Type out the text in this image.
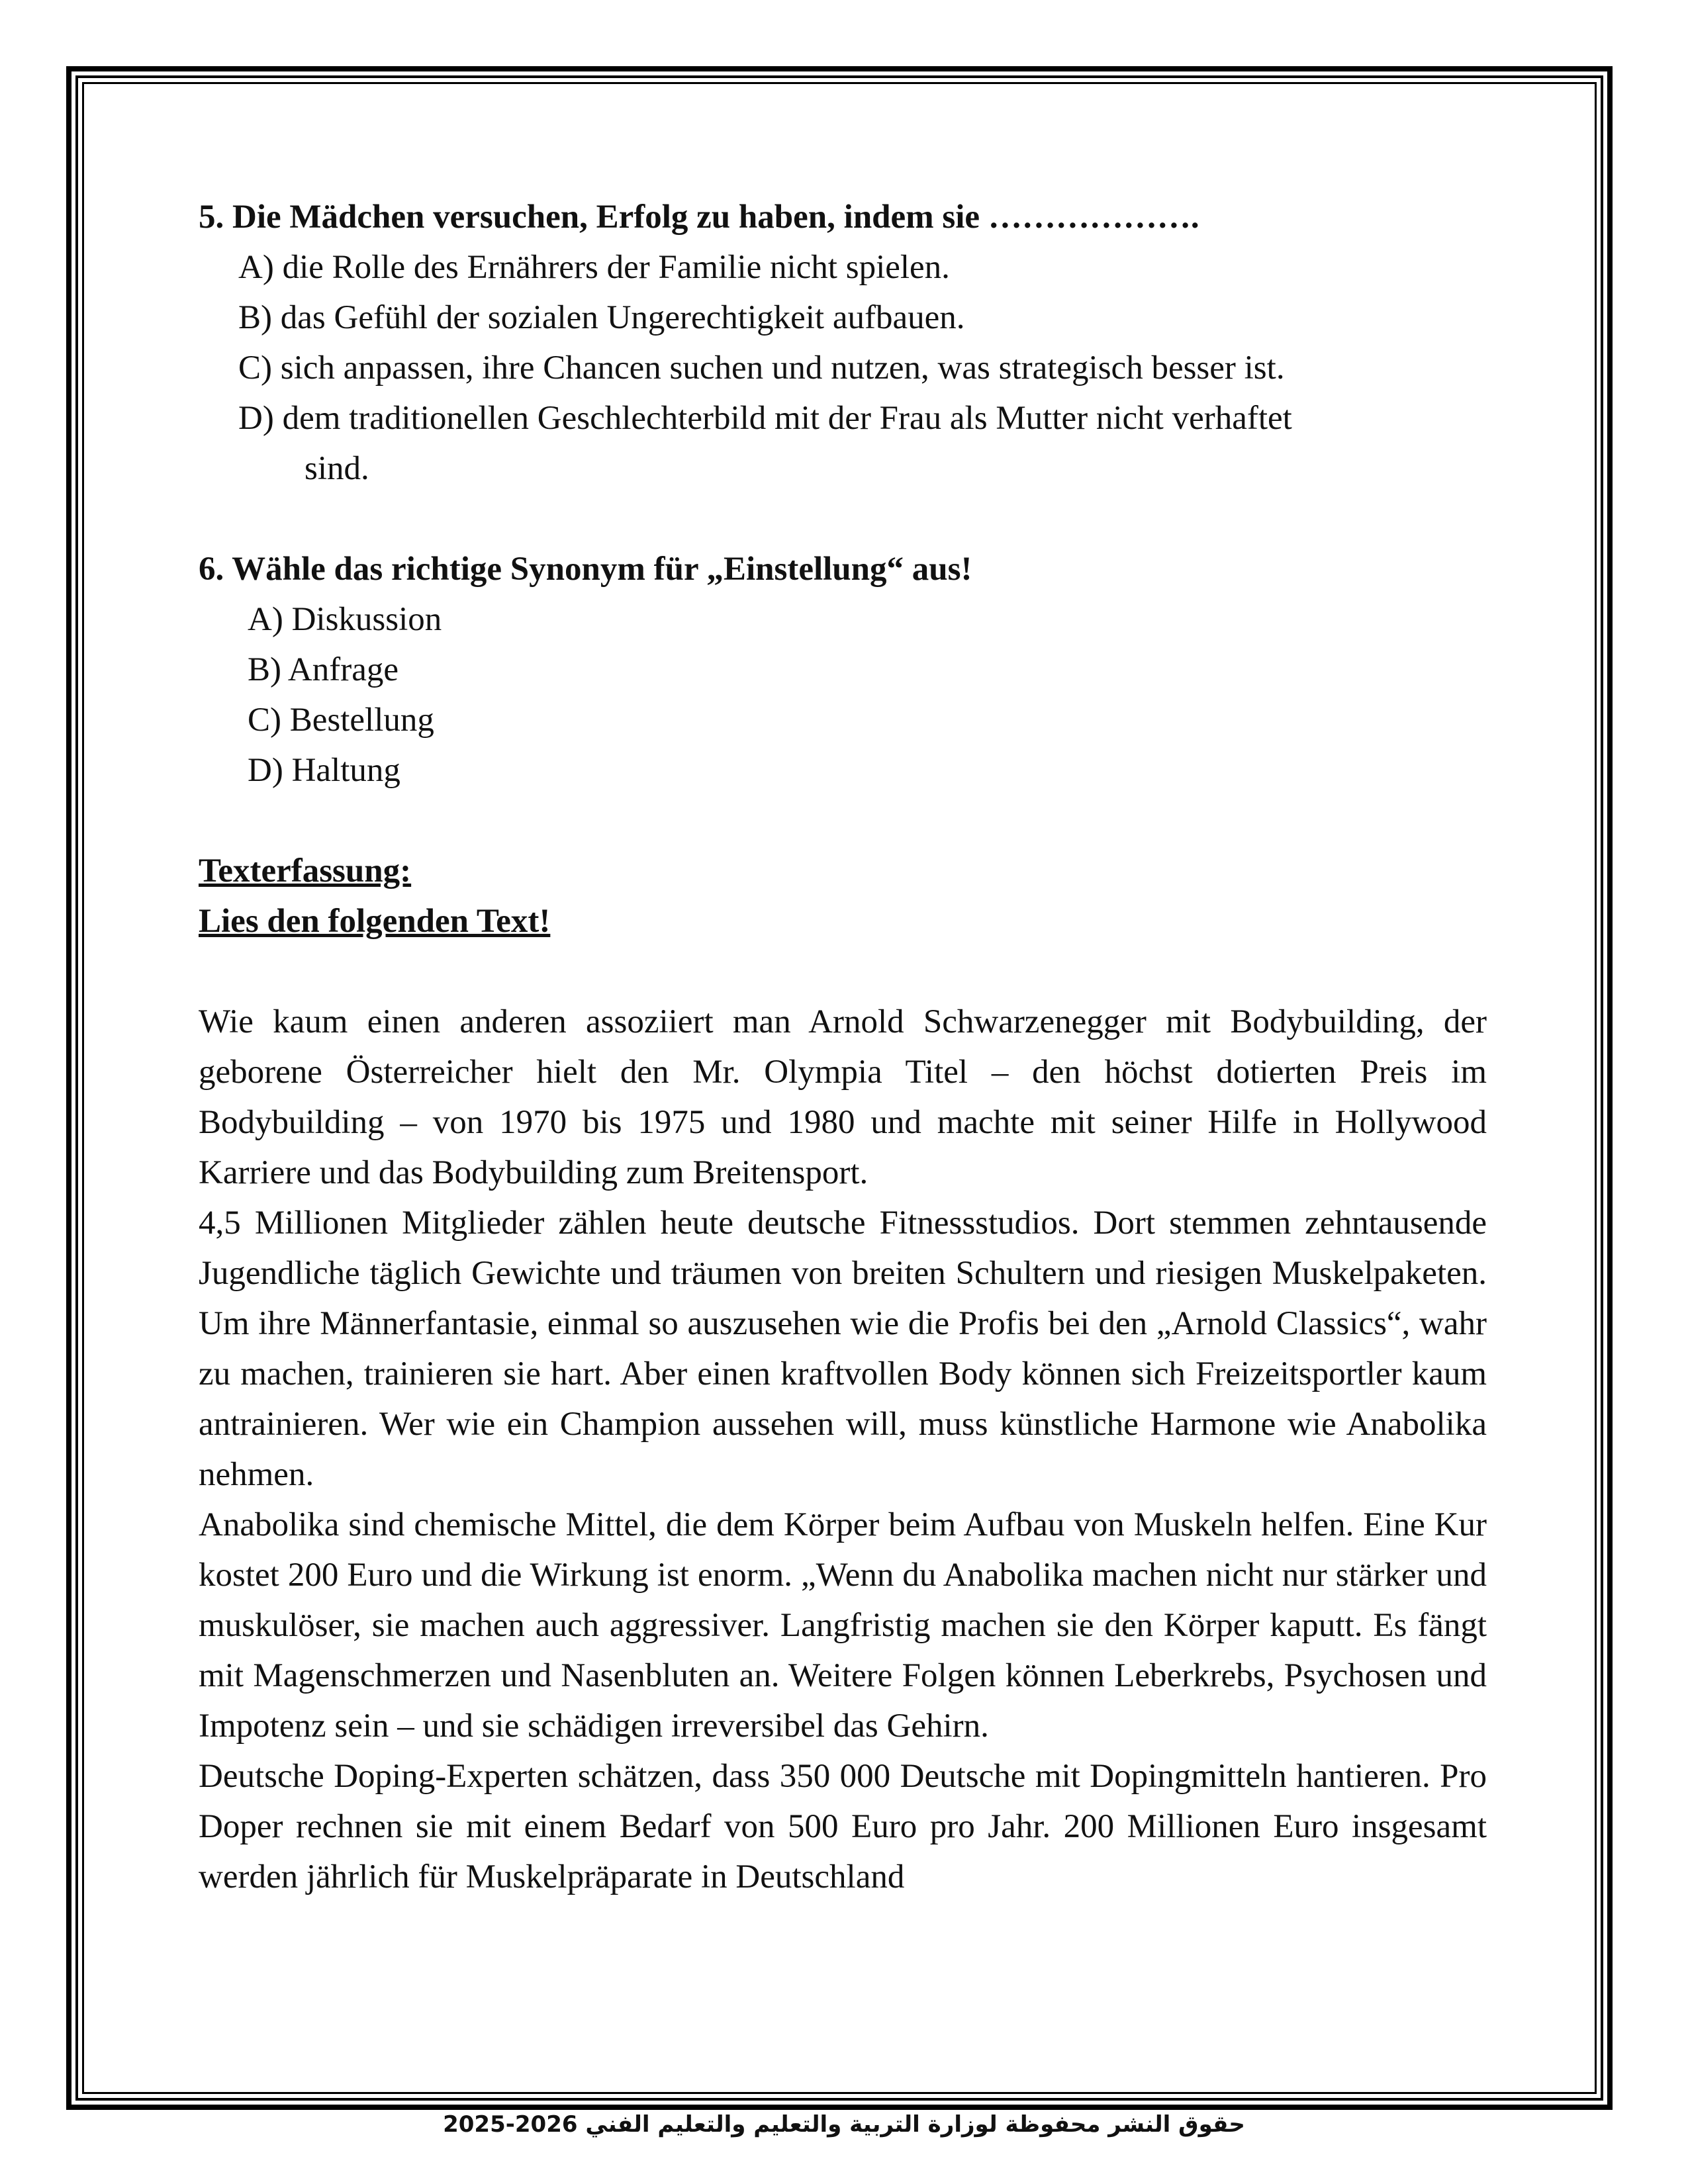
5. Die Mädchen versuchen, Erfolg zu haben, indem sie ……………….

A) die Rolle des Ernährers der Familie nicht spielen.

B) das Gefühl der sozialen Ungerechtigkeit aufbauen.

C) sich anpassen, ihre Chancen suchen und nutzen, was strategisch besser ist.

D) dem traditionellen Geschlechterbild mit der Frau als Mutter nicht verhaftet

sind.

6. Wähle das richtige Synonym für „Einstellung“ aus!

A) Diskussion

B) Anfrage

C) Bestellung

D) Haltung

Texterfassung:

Lies den folgenden Text!

Wie kaum einen anderen assoziiert man Arnold Schwarzenegger mit Bodybuilding, der geborene Österreicher hielt den Mr. Olympia Titel – den höchst dotierten Preis im Bodybuilding – von 1970 bis 1975 und 1980 und machte mit seiner Hilfe in Hollywood Karriere und das Bodybuilding zum Breitensport.

4,5 Millionen Mitglieder zählen heute deutsche Fitnessstudios. Dort stemmen zehntausende Jugendliche täglich Gewichte und träumen von breiten Schultern und riesigen Muskelpaketen. Um ihre Männerfantasie, einmal so auszusehen wie die Profis bei den „Arnold Classics“, wahr zu machen, trainieren sie hart. Aber einen kraftvollen Body können sich Freizeitsportler kaum antrainieren. Wer wie ein Champion aussehen will, muss künstliche Harmone wie Anabolika nehmen.

Anabolika sind chemische Mittel, die dem Körper beim Aufbau von Muskeln helfen. Eine Kur kostet 200 Euro und die Wirkung ist enorm. „Wenn du Anabolika machen nicht nur stärker und muskulöser, sie machen auch aggressiver. Langfristig machen sie den Körper kaputt. Es fängt mit Magenschmerzen und Nasenbluten an. Weitere Folgen können Leberkrebs, Psychosen und Impotenz sein – und sie schädigen irreversibel das Gehirn.

Deutsche Doping-Experten schätzen, dass 350 000 Deutsche mit Dopingmitteln hantieren. Pro Doper rechnen sie mit einem Bedarf von 500 Euro pro Jahr. 200 Millionen Euro insgesamt werden jährlich für Muskelpräparate in Deutschland

حقوق النشر محفوظة لوزارة التربية والتعليم والتعليم الفني 2026-2025
